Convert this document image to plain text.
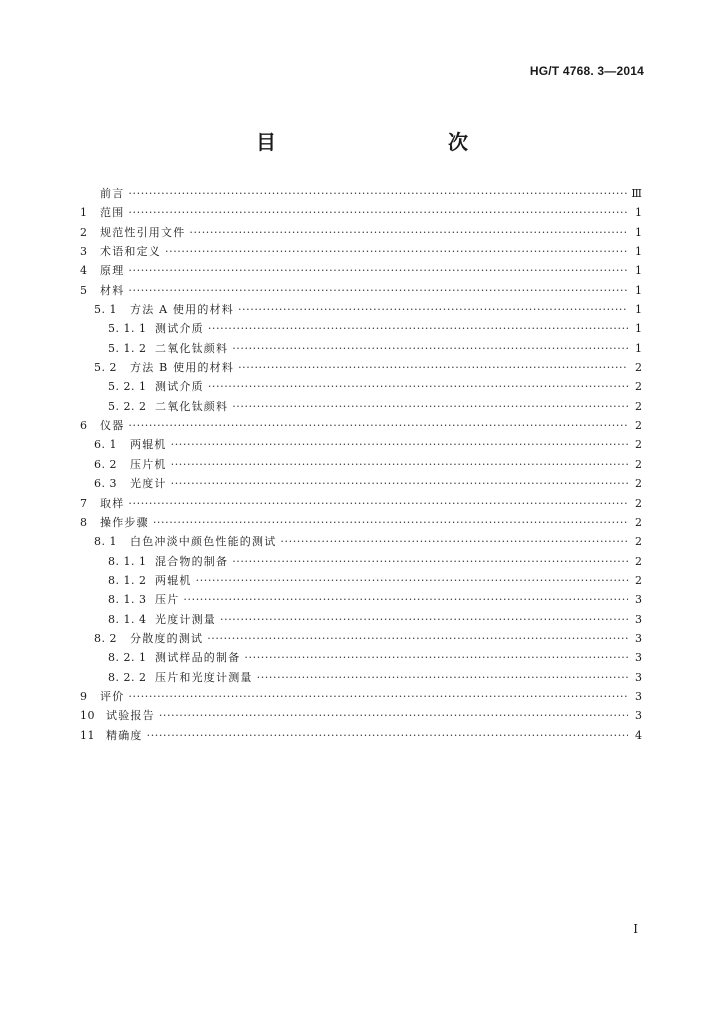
HG/T 4768. 3—2014
目　　次
前言 ·····	Ⅲ
1	范围 ·····	1
2	规范性引用文件 ·····	1
3	术语和定义 ·····	1
4	原理 ·····	1
5	材料 ·····	1
5. 1	方法 A 使用的材料 ·····	1
5. 1. 1 测试介质 ·····	1
5. 1. 2 二氧化钛颜料 ·····	1
5. 2	方法 B 使用的材料 ·····	2
5. 2. 1 测试介质 ·····	2
5. 2. 2 二氧化钛颜料 ·····	2
6	仪器 ·····	2
6. 1	两辊机 ·····	2
6. 2	压片机 ·····	2
6. 3	光度计 ·····	2
7	取样 ·····	2
8	操作步骤 ·····	2
8. 1	白色冲淡中颜色性能的测试 ·····	2
8. 1. 1 混合物的制备 ·····	2
8. 1. 2 两辊机 ·····	2
8. 1. 3 压片 ·····	3
8. 1. 4 光度计测量 ·····	3
8. 2	分散度的测试 ·····	3
8. 2. 1 测试样品的制备 ·····	3
8. 2. 2 压片和光度计测量 ·····	3
9	评价 ·····	3
10	试验报告 ·····	3
11	精确度 ·····	4
I
